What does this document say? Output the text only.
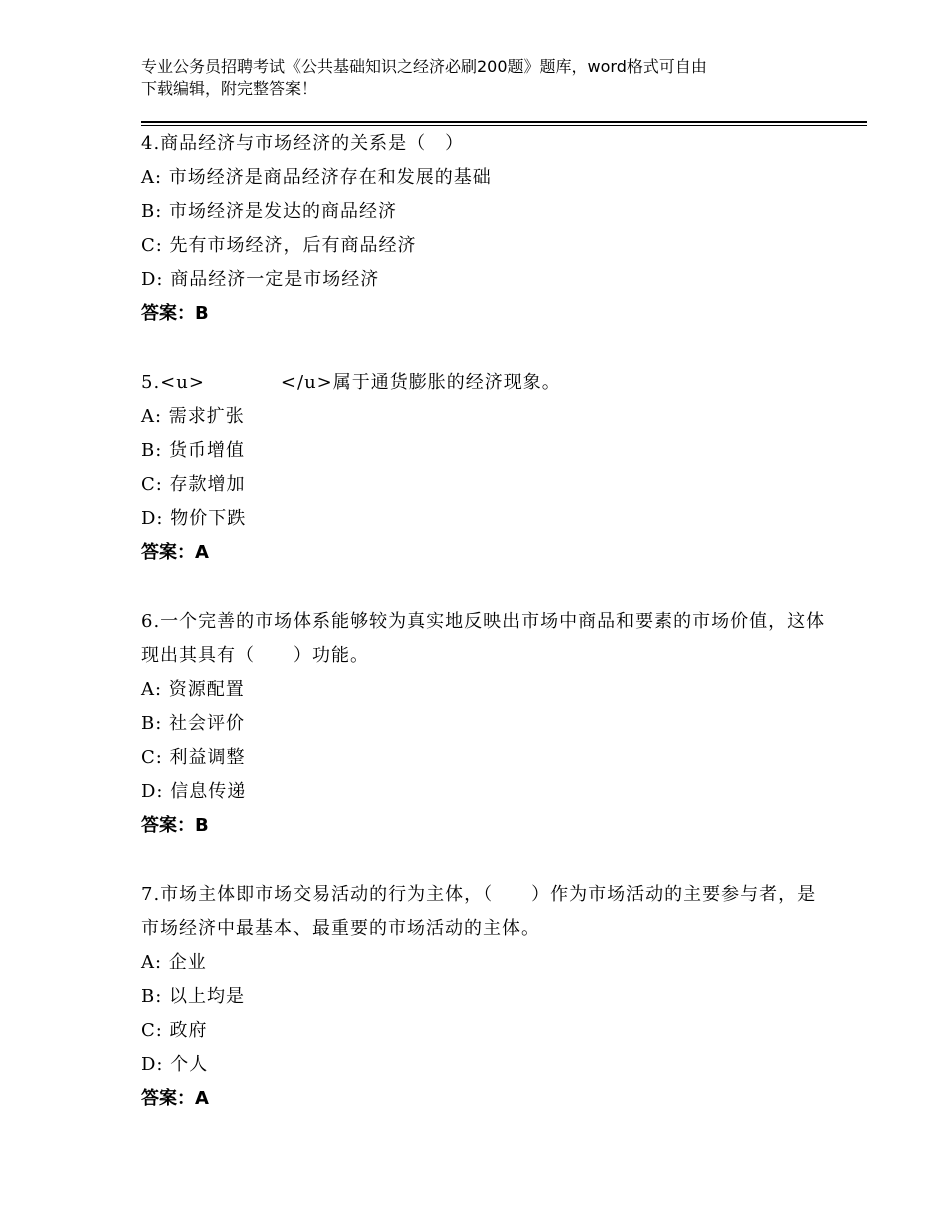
专业公务员招聘考试《公共基础知识之经济必刷200题》题库，word格式可自由
下载编辑，附完整答案！
4.商品经济与市场经济的关系是（　）
A: 市场经济是商品经济存在和发展的基础
B: 市场经济是发达的商品经济
C: 先有市场经济，后有商品经济
D: 商品经济一定是市场经济
答案：B
5.<u>　　　　</u>属于通货膨胀的经济现象。
A: 需求扩张
B: 货币增值
C: 存款增加
D: 物价下跌
答案：A
6.一个完善的市场体系能够较为真实地反映出市场中商品和要素的市场价值，这体现出其具有（　　）功能。
A: 资源配置
B: 社会评价
C: 利益调整
D: 信息传递
答案：B
7.市场主体即市场交易活动的行为主体，（　　）作为市场活动的主要参与者，是市场经济中最基本、最重要的市场活动的主体。
A: 企业
B: 以上均是
C: 政府
D: 个人
答案：A
